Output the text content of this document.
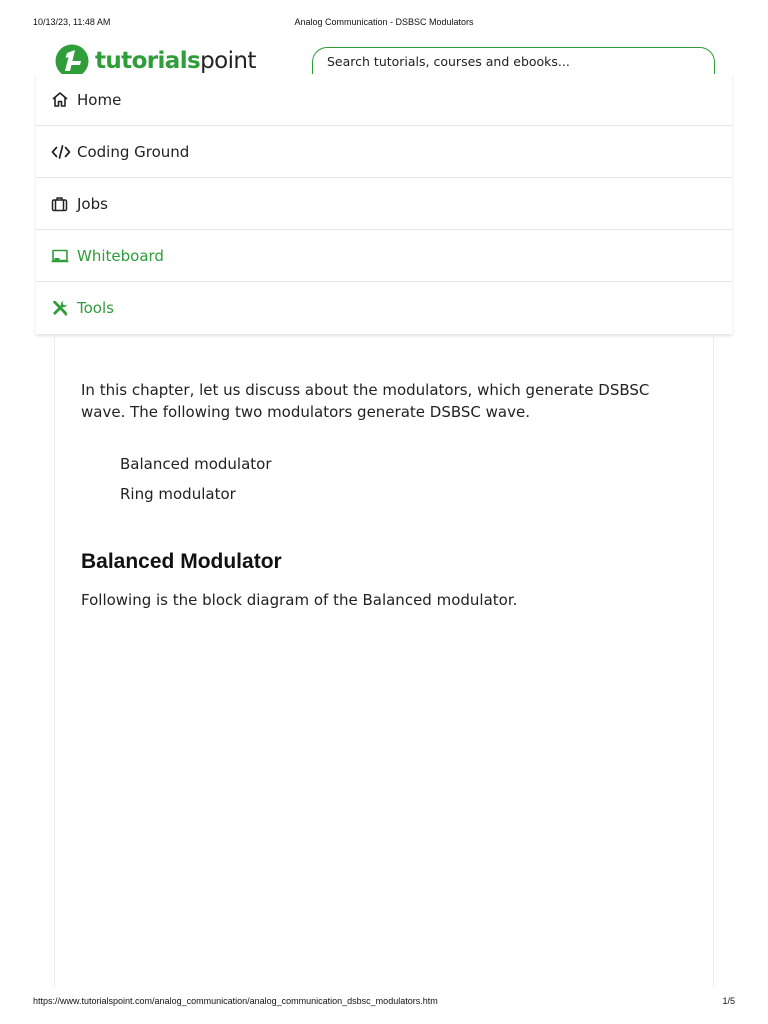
10/13/23, 11:48 AM	Analog Communication - DSBSC Modulators
tutorialspoint	Search tutorials, courses and ebooks...
Home
Coding Ground
Jobs
Whiteboard
Tools

In this chapter, let us discuss about the modulators, which generate DSBSC wave. The following two modulators generate DSBSC wave.

Balanced modulator
Ring modulator
Balanced Modulator

Following is the block diagram of the Balanced modulator.

https://www.tutorialspoint.com/analog_communication/analog_communication_dsbsc_modulators.htm	1/5
